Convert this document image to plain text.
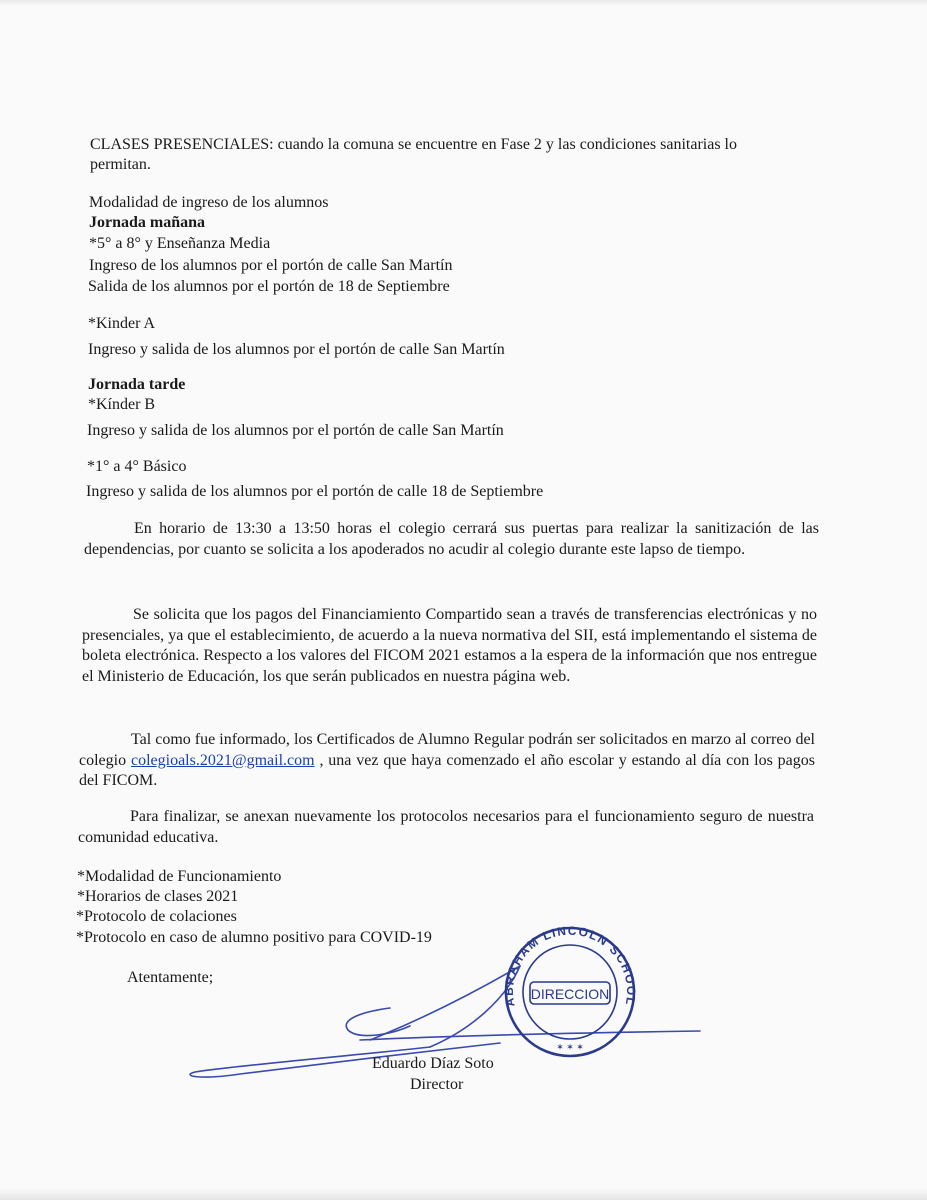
CLASES PRESENCIALES: cuando la comuna se encuentre en Fase 2 y las condiciones sanitarias lo
permitan.
Modalidad de ingreso de los alumnos
Jornada mañana
*5° a 8° y Enseñanza Media
Ingreso de los alumnos por el portón de calle San Martín
Salida de los alumnos por el portón de 18 de Septiembre
*Kinder A
Ingreso y salida de los alumnos por el portón de calle San Martín
Jornada tarde
*Kínder B
Ingreso y salida de los alumnos por el portón de calle San Martín
*1° a 4° Básico
Ingreso y salida de los alumnos por el portón de calle 18 de Septiembre
En horario de 13:30 a 13:50 horas el colegio cerrará sus puertas para realizar la sanitización de las dependencias, por cuanto se solicita a los apoderados no acudir al colegio durante este lapso de tiempo.
Se solicita que los pagos del Financiamiento Compartido sean a través de transferencias electrónicas y no presenciales, ya que el establecimiento, de acuerdo a la nueva normativa del SII, está implementando el sistema de boleta electrónica. Respecto a los valores del FICOM 2021 estamos a la espera de la información que nos entregue el Ministerio de Educación, los que serán publicados en nuestra página web.
Tal como fue informado, los Certificados de Alumno Regular podrán ser solicitados en marzo al correo del colegio colegioals.2021@gmail.com , una vez que haya comenzado el año escolar y estando al día con los pagos del FICOM.
Para finalizar, se anexan nuevamente los protocolos necesarios para el funcionamiento seguro de nuestra comunidad educativa.
*Modalidad de Funcionamiento
*Horarios de clases 2021
*Protocolo de colaciones
*Protocolo en caso de alumno positivo para COVID-19
Atentamente;
ABRAHAM LINCOLN SCHOOL
DIRECCION
✶ ✶ ✶
Eduardo Díaz Soto
Director
